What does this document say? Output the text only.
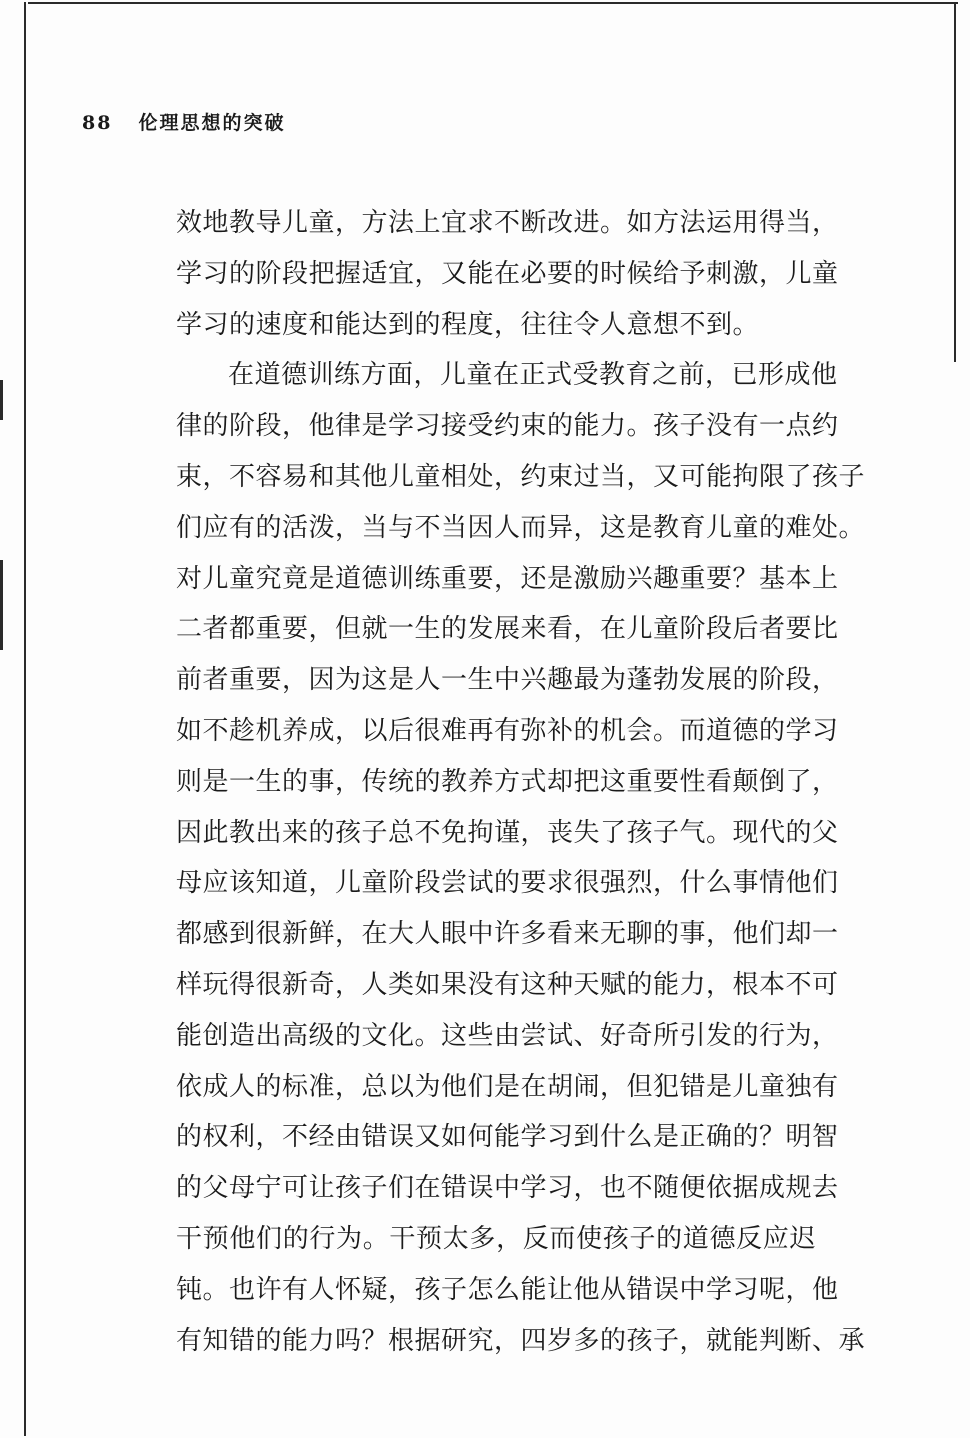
88 伦理思想的突破
效地教导儿童，方法上宜求不断改进。如方法运用得当，
学习的阶段把握适宜，又能在必要的时候给予刺激，儿童
学习的速度和能达到的程度，往往令人意想不到。
在道德训练方面，儿童在正式受教育之前，已形成他
律的阶段，他律是学习接受约束的能力。孩子没有一点约
束，不容易和其他儿童相处，约束过当，又可能拘限了孩子
们应有的活泼，当与不当因人而异，这是教育儿童的难处。
对儿童究竟是道德训练重要，还是激励兴趣重要？基本上
二者都重要，但就一生的发展来看，在儿童阶段后者要比
前者重要，因为这是人一生中兴趣最为蓬勃发展的阶段，
如不趁机养成，以后很难再有弥补的机会。而道德的学习
则是一生的事，传统的教养方式却把这重要性看颠倒了，
因此教出来的孩子总不免拘谨，丧失了孩子气。现代的父
母应该知道，儿童阶段尝试的要求很强烈，什么事情他们
都感到很新鲜，在大人眼中许多看来无聊的事，他们却一
样玩得很新奇，人类如果没有这种天赋的能力，根本不可
能创造出高级的文化。这些由尝试、好奇所引发的行为，
依成人的标准，总以为他们是在胡闹，但犯错是儿童独有
的权利，不经由错误又如何能学习到什么是正确的？明智
的父母宁可让孩子们在错误中学习，也不随便依据成规去
干预他们的行为。干预太多，反而使孩子的道德反应迟
钝。也许有人怀疑，孩子怎么能让他从错误中学习呢，他
有知错的能力吗？根据研究，四岁多的孩子，就能判断、承
